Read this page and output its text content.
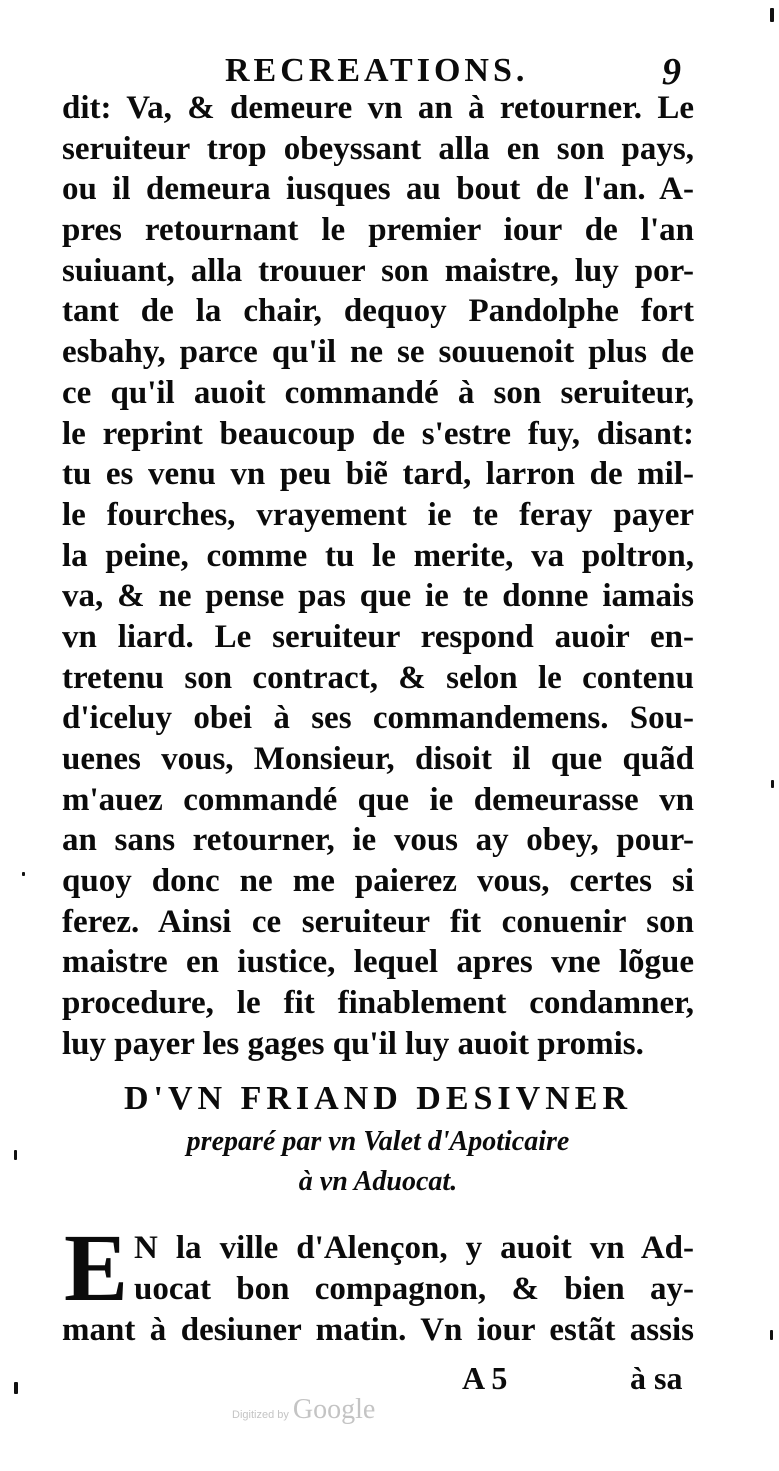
RECREATIONS.	9
dit: Va, & demeure vn an à retourner. Le
seruiteur trop obeyssant alla en son pays,
ou il demeura iusques au bout de l'an. A-
pres retournant le premier iour de l'an
suiuant, alla trouuer son maistre, luy por-
tant de la chair, dequoy Pandolphe fort
esbahy, parce qu'il ne se souuenoit plus de
ce qu'il auoit commandé à son seruiteur,
le reprint beaucoup de s'estre fuy, disant:
tu es venu vn peu biẽ tard, larron de mil-
le fourches, vrayement ie te feray payer
la peine, comme tu le merite, va poltron,
va, & ne pense pas que ie te donne iamais
vn liard. Le seruiteur respond auoir en-
tretenu son contract, & selon le contenu
d'iceluy obei à ses commandemens. Sou-
uenes vous, Monsieur, disoit il que quãd
m'auez commandé que ie demeurasse vn
an sans retourner, ie vous ay obey, pour-
quoy donc ne me paierez vous, certes si
ferez. Ainsi ce seruiteur fit conuenir son
maistre en iustice, lequel apres vne lõgue
procedure, le fit finablement condamner,
luy payer les gages qu'il luy auoit promis.
D'VN FRIAND DESIVNER
preparé par vn Valet d'Apoticaire
à vn Aduocat.
E N la ville d'Alençon, y auoit vn Ad-
uocat bon compagnon, & bien ay-
mant à desiuner matin. Vn iour estãt assis
A 5	à sa
Digitized by Google
